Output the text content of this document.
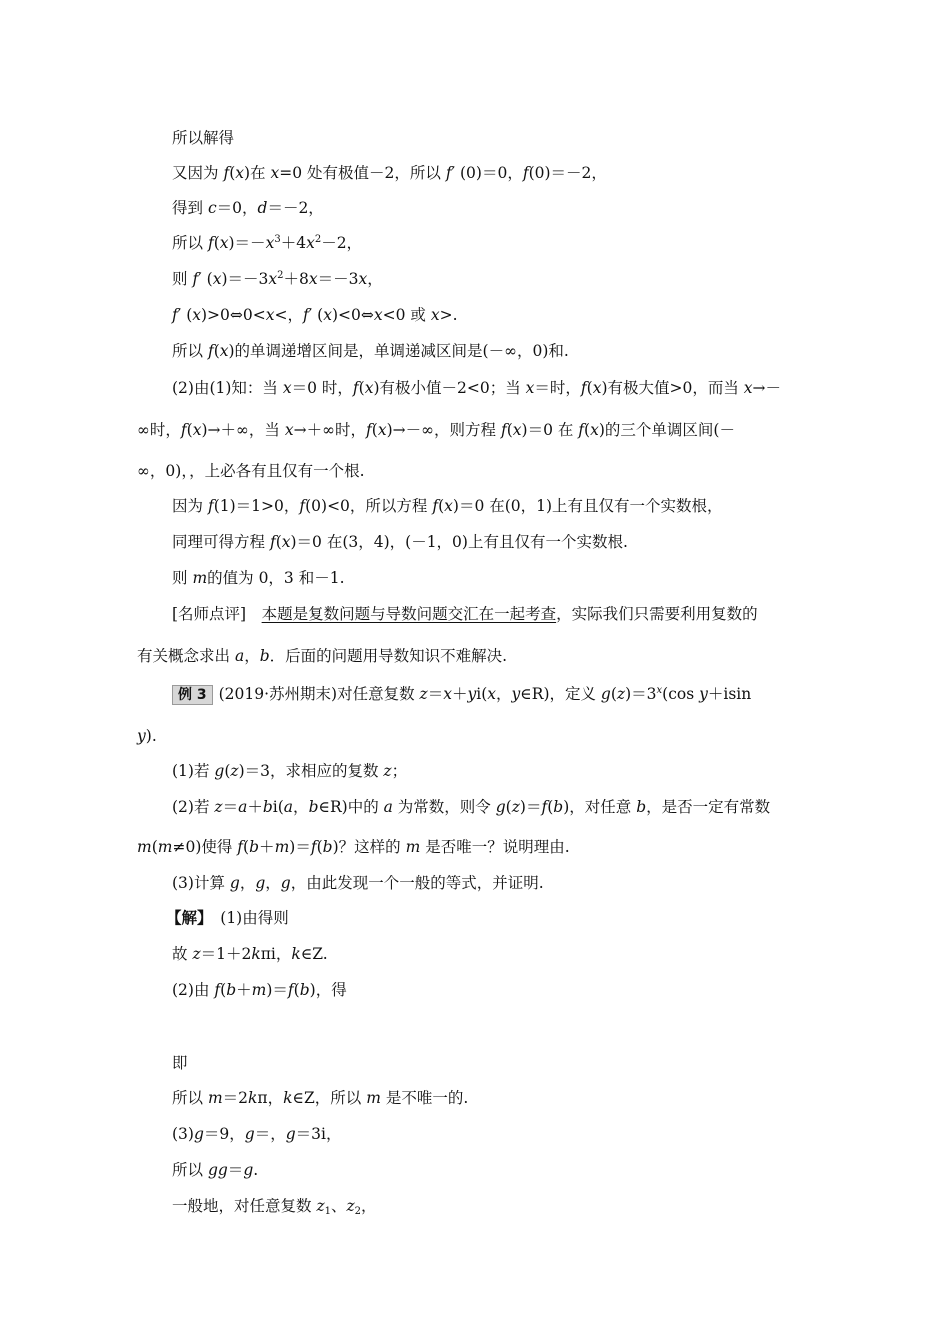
所以解得
又因为 f(x)在 x=0 处有极值－2，所以 f′ (0)＝0，f(0)＝－2，
得到 c＝0，d＝－2，
所以 $f(x)=-x^3+4x^2-2$，
则 f′ $(x)=-3x^2+8x=-3x$，
f′ (x)>0⇔0<x<，f′ (x)<0⇔x<0 或 x>.
所以 f(x)的单调递增区间是，单调递减区间是(－∞，0)和.
(2)由(1)知：当 x＝0 时，f(x)有极小值－2<0；当 x＝时，f(x)有极大值>0，而当 x→－
∞时，f(x)→＋∞，当 x→＋∞时，f(x)→－∞，则方程 f(x)＝0 在 f(x)的三个单调区间(－
∞，0)，，上必各有且仅有一个根.
因为 f(1)＝1>0，f(0)<0，所以方程 f(x)＝0 在(0，1)上有且仅有一个实数根，
同理可得方程 f(x)＝0 在(3，4)，(－1，0)上有且仅有一个实数根.
则 m的值为 0，3 和－1.
[名师点评]　本题是复数问题与导数问题交汇在一起考查，实际我们只需要利用复数的
有关概念求出 a，b．后面的问题用导数知识不难解决.
例 3 (2019·苏州期末)对任意复数 z＝x＋yi(x，y∈R)，定义 $g(z)=3^x(\cos$ y＋isin
y).
(1)若 g(z)＝3，求相应的复数 z；
(2)若 z＝a＋bi(a，b∈R)中的 a 为常数，则令 g(z)＝f(b)，对任意 b，是否一定有常数
m(m≠0)使得 f(b＋m)＝f(b)？这样的 m 是否唯一？说明理由.
(3)计算 g，g，g，由此发现一个一般的等式，并证明.
【解】　(1)由得则
故 z＝1＋2kπi，k∈Z.
(2)由 f(b＋m)＝f(b)，得
即
所以 m＝2kπ，k∈Z，所以 m 是不唯一的.
(3)g＝9，g＝，g＝3i，
所以 gg＝g.
一般地，对任意复数 $z_1$、$z_2$，
